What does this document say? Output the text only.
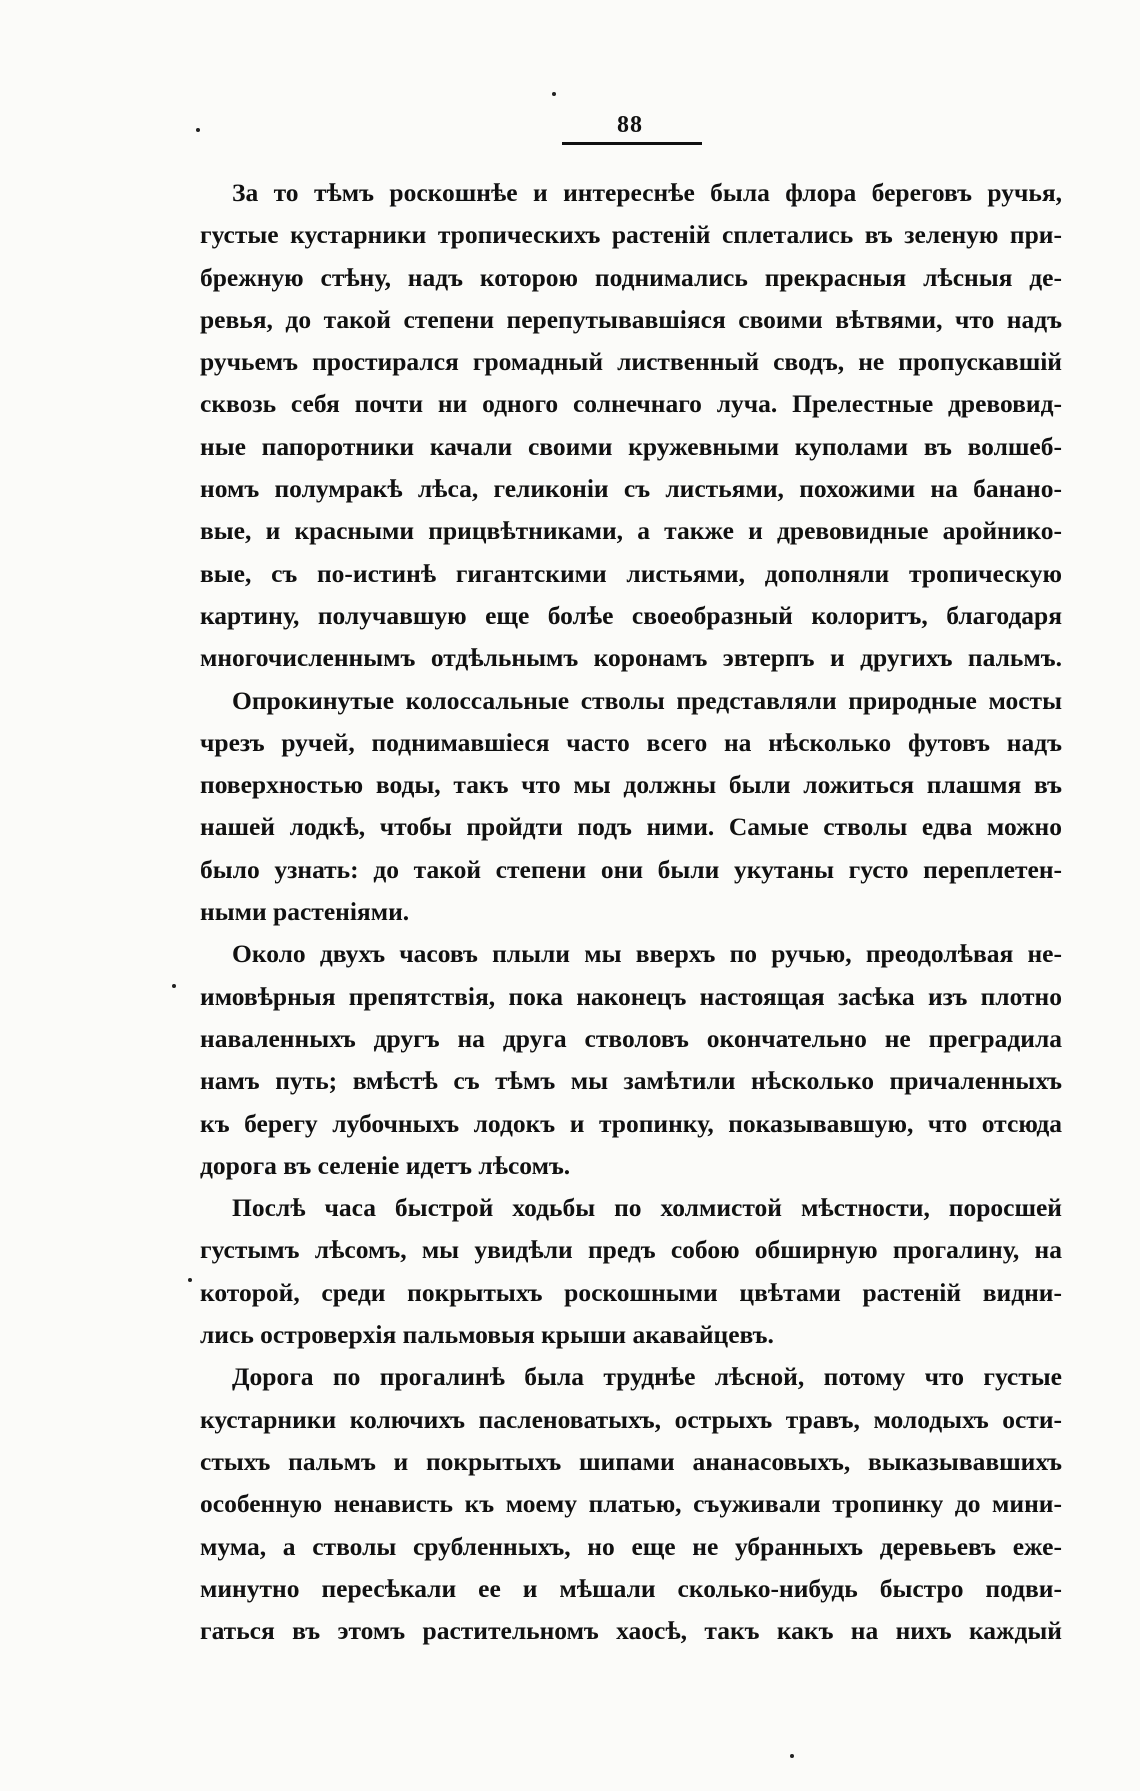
88

За то тѣмъ роскошнѣе и интереснѣе была флора береговъ ручья,
густые кустарники тропическихъ растеній сплетались въ зеленую при-
брежную стѣну, надъ которою поднимались прекрасныя лѣсныя де-
ревья, до такой степени перепутывавшіяся своими вѣтвями, что надъ
ручьемъ простирался громадный лиственный сводъ, не пропускавшій
сквозь себя почти ни одного солнечнаго луча. Прелестные древовид-
ные папоротники качали своими кружевными куполами въ волшеб-
номъ полумракѣ лѣса, геликоніи съ листьями, похожими на банано-
вые, и красными прицвѣтниками, а также и древовидные аройнико-
вые, съ по-истинѣ гигантскими листьями, дополняли тропическую
картину, получавшую еще болѣе своеобразный колоритъ, благодаря
многочисленнымъ отдѣльнымъ коронамъ эвтерпъ и другихъ пальмъ.

Опрокинутые колоссальные стволы представляли природные мосты
чрезъ ручей, поднимавшіеся часто всего на нѣсколько футовъ надъ
поверхностью воды, такъ что мы должны были ложиться плашмя въ
нашей лодкѣ, чтобы пройдти подъ ними. Самые стволы едва можно
было узнать: до такой степени они были укутаны густо переплетен-
ными растеніями.

Около двухъ часовъ плыли мы вверхъ по ручью, преодолѣвая не-
имовѣрныя препятствія, пока наконецъ настоящая засѣка изъ плотно
наваленныхъ другъ на друга стволовъ окончательно не преградила
намъ путь; вмѣстѣ съ тѣмъ мы замѣтили нѣсколько причаленныхъ
къ берегу лубочныхъ лодокъ и тропинку, показывавшую, что отсюда
дорога въ селеніе идетъ лѣсомъ.

Послѣ часа быстрой ходьбы по холмистой мѣстности, поросшей
густымъ лѣсомъ, мы увидѣли предъ собою обширную прогалину, на
которой, среди покрытыхъ роскошными цвѣтами растеній видни-
лись островерхія пальмовыя крыши акавайцевъ.

Дорога по прогалинѣ была труднѣе лѣсной, потому что густые
кустарники колючихъ пасленоватыхъ, острыхъ травъ, молодыхъ ости-
стыхъ пальмъ и покрытыхъ шипами ананасовыхъ, выказывавшихъ
особенную ненависть къ моему платью, съуживали тропинку до мини-
мума, а стволы срубленныхъ, но еще не убранныхъ деревьевъ еже-
минутно пересѣкали ее и мѣшали сколько-нибудь быстро подви-
гаться въ этомъ растительномъ хаосѣ, такъ какъ на нихъ каждый
